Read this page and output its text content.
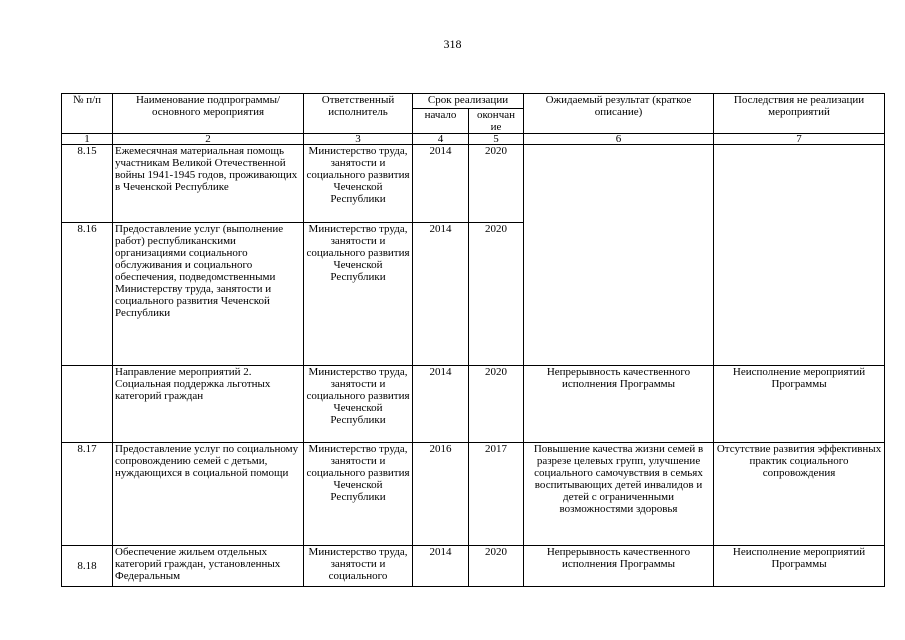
318
№ п/п	Наименование подпрограммы/ основного мероприятия	Ответственный исполнитель	Срок реализации		Ожидаемый результат (краткое описание)	Последствия не реализации мероприятий
			начало	окончан ие		
1	2	3	4	5	6	7
8.15	Ежемесячная материальная помощь участникам Великой Отечественной войны 1941-1945 годов, проживающих в Чеченской Республике	Министерство труда, занятости и социального развития Чеченской Республики	2014	2020		
8.16	Предоставление услуг (выполнение работ) республиканскими организациями социального обслуживания и социального обеспечения, подведомственными Министерству труда, занятости и социального развития Чеченской Республики	Министерство труда, занятости и социального развития Чеченской Республики	2014	2020		
	Направление мероприятий 2. Социальная поддержка льготных категорий граждан	Министерство труда, занятости и социального развития Чеченской Республики	2014	2020	Непрерывность качественного исполнения Программы	Неисполнение мероприятий Программы
8.17	Предоставление услуг по социальному сопровождению семей с детьми, нуждающихся в социальной помощи	Министерство труда, занятости и социального развития Чеченской Республики	2016	2017	Повышение качества жизни семей в разрезе целевых групп, улучшение социального самочувствия в семьях воспитывающих детей инвалидов и детей с ограниченными возможностями здоровья	Отсутствие развития эффективных практик социального сопровождения
8.18	Обеспечение жильем отдельных категорий граждан, установленных Федеральным	Министерство труда, занятости и социального	2014	2020	Непрерывность качественного исполнения Программы	Неисполнение мероприятий Программы
